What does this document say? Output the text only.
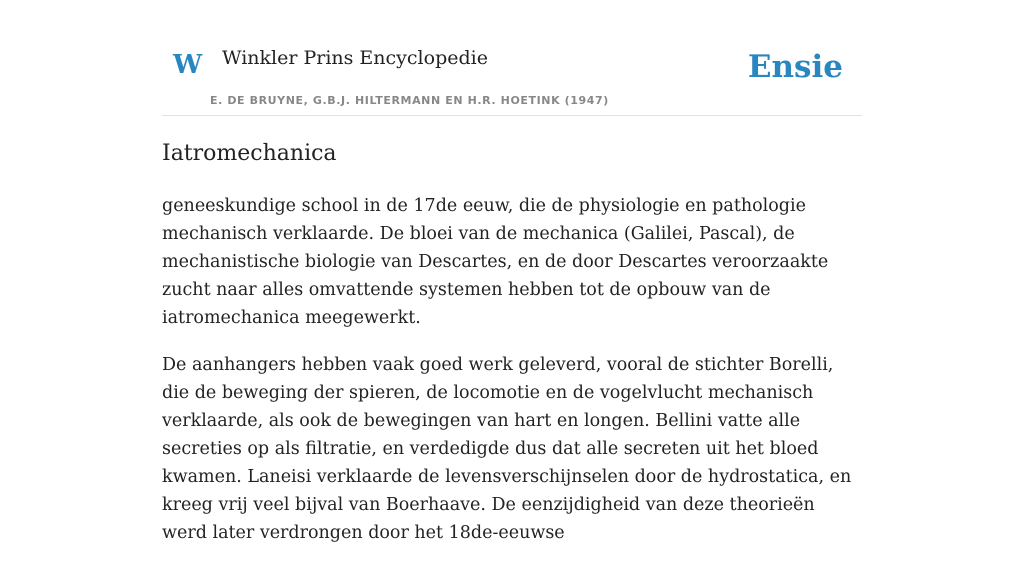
W Winkler Prins Encyclopedie
E. DE BRUYNE, G.B.J. HILTERMANN EN H.R. HOETINK (1947)
Ensie
Iatromechanica

geneeskundige school in de 17de eeuw, die de physiologie en pathologie mechanisch verklaarde. De bloei van de mechanica (Galilei, Pascal), de mechanistische biologie van Descartes, en de door Descartes veroorzaakte zucht naar alles omvattende systemen hebben tot de opbouw van de iatromechanica meegewerkt.

De aanhangers hebben vaak goed werk geleverd, vooral de stichter Borelli, die de beweging der spieren, de locomotie en de vogelvlucht mechanisch verklaarde, als ook de bewegingen van hart en longen. Bellini vatte alle secreties op als filtratie, en verdedigde dus dat alle secreten uit het bloed kwamen. Laneisi verklaarde de levensverschijnselen door de hydrostatica, en kreeg vrij veel bijval van Boerhaave. De eenzijdigheid van deze theorieën werd later verdrongen door het 18de-eeuwse
